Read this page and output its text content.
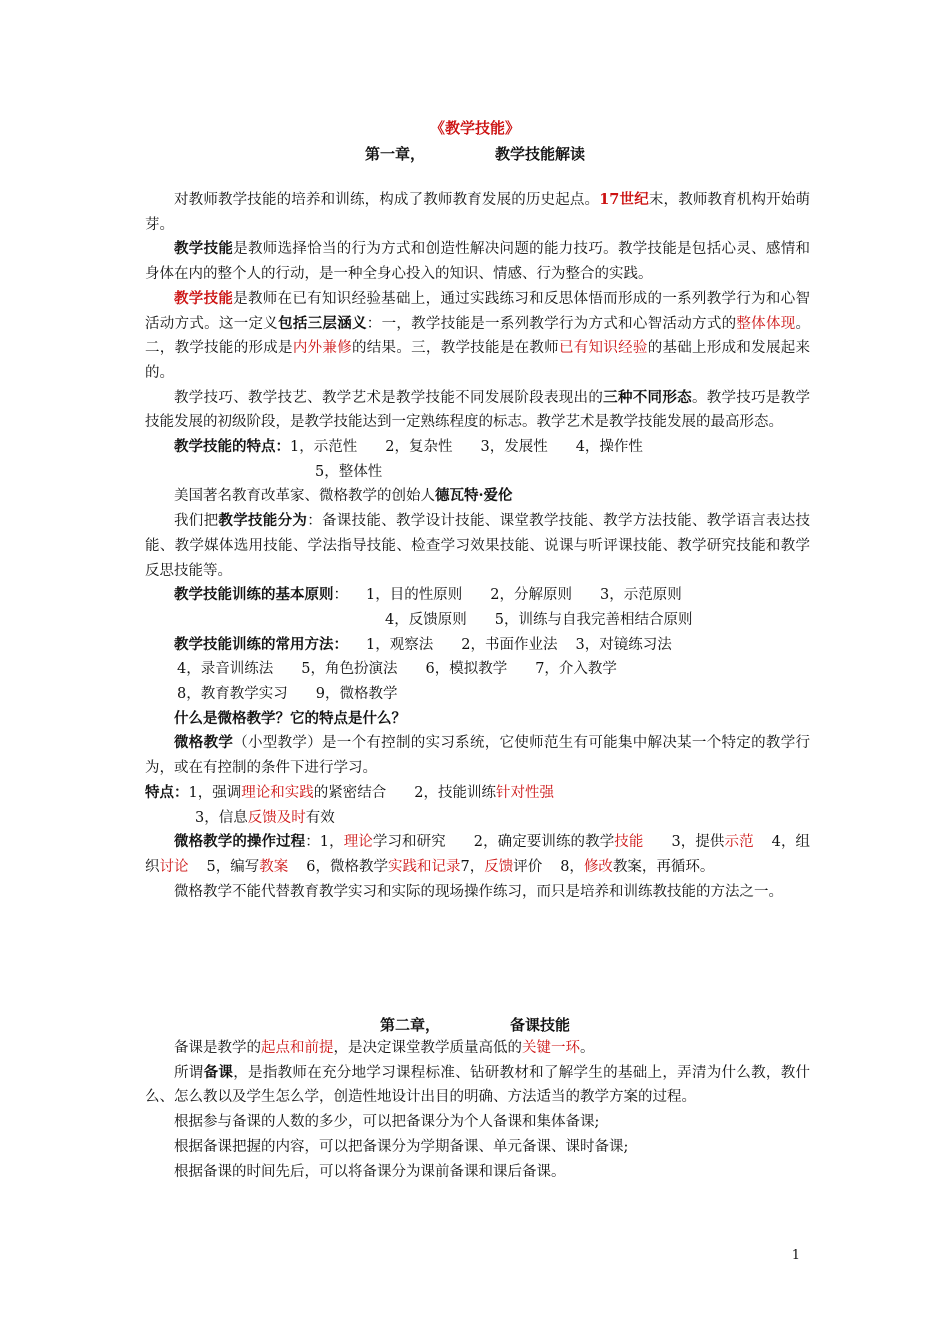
《教学技能》
第一章，	教学技能解读

对教师教学技能的培养和训练，构成了教师教育发展的历史起点。17世纪末，教师教育机构开始萌芽。

教学技能是教师选择恰当的行为方式和创造性解决问题的能力技巧。教学技能是包括心灵、感情和身体在内的整个人的行动，是一种全身心投入的知识、情感、行为整合的实践。

教学技能是教师在已有知识经验基础上，通过实践练习和反思体悟而形成的一系列教学行为和心智活动方式。这一定义包括三层涵义：一，教学技能是一系列教学行为方式和心智活动方式的整体体现。二，教学技能的形成是内外兼修的结果。三，教学技能是在教师已有知识经验的基础上形成和发展起来的。

教学技巧、教学技艺、教学艺术是教学技能不同发展阶段表现出的三种不同形态。教学技巧是教学技能发展的初级阶段，是教学技能达到一定熟练程度的标志。教学艺术是教学技能发展的最高形态。

教学技能的特点：1，示范性 2，复杂性 3，发展性 4，操作性

5，整体性

美国著名教育改革家、微格教学的创始人德瓦特·爱伦

我们把教学技能分为：备课技能、教学设计技能、课堂教学技能、教学方法技能、教学语言表达技能、教学媒体选用技能、学法指导技能、检查学习效果技能、说课与听评课技能、教学研究技能和教学反思技能等。

教学技能训练的基本原则： 1，目的性原则 2，分解原则 3，示范原则

4，反馈原则 5，训练与自我完善相结合原则

教学技能训练的常用方法： 1，观察法 2，书面作业法 3，对镜练习法

4，录音训练法 5，角色扮演法 6，模拟教学 7，介入教学

8，教育教学实习 9，微格教学

什么是微格教学？它的特点是什么？

微格教学（小型教学）是一个有控制的实习系统，它使师范生有可能集中解决某一个特定的教学行为，或在有控制的条件下进行学习。

特点：1，强调理论和实践的紧密结合 2，技能训练针对性强

3，信息反馈及时有效

微格教学的操作过程：1，理论学习和研究 2，确定要训练的教学技能 3，提供示范 4，组织讨论 5，编写教案 6，微格教学实践和记录7，反馈评价 8，修改教案，再循环。

微格教学不能代替教育教学实习和实际的现场操作练习，而只是培养和训练教技能的方法之一。

第二章，	备课技能

备课是教学的起点和前提，是决定课堂教学质量高低的关键一环。

所谓备课，是指教师在充分地学习课程标准、钻研教材和了解学生的基础上，弄清为什么教，教什么、怎么教以及学生怎么学，创造性地设计出目的明确、方法适当的教学方案的过程。

根据参与备课的人数的多少，可以把备课分为个人备课和集体备课;

根据备课把握的内容，可以把备课分为学期备课、单元备课、课时备课;

根据备课的时间先后，可以将备课分为课前备课和课后备课。

1
